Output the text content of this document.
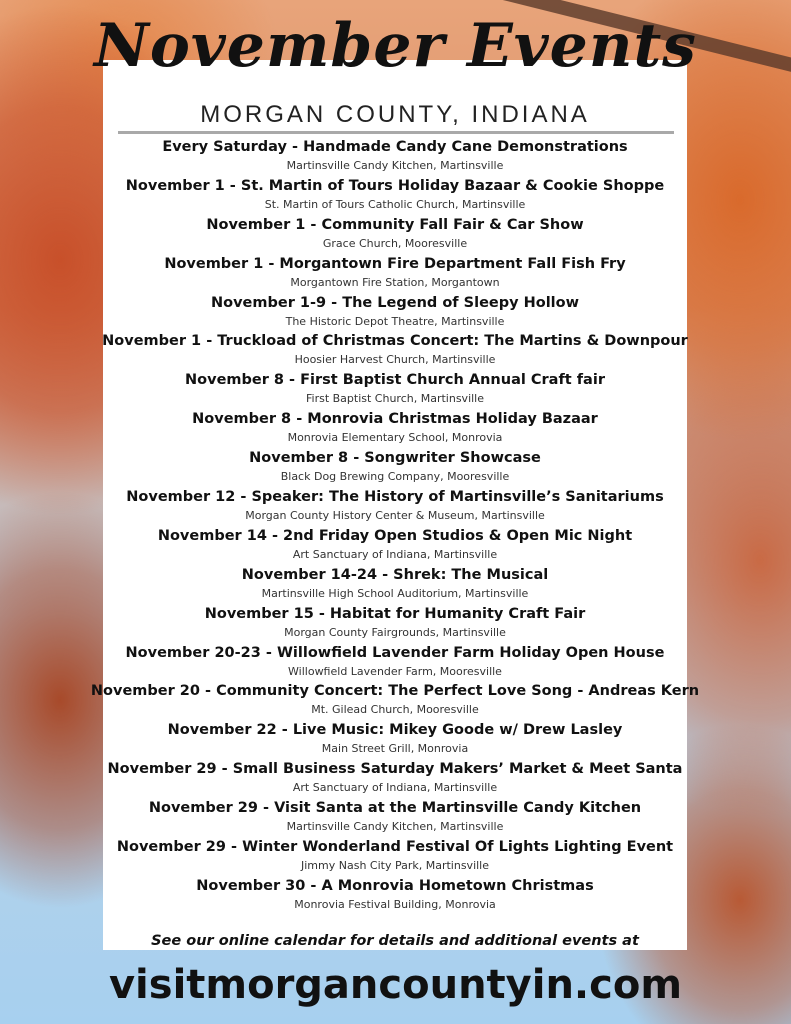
November Events
MORGAN COUNTY, INDIANA
Every Saturday - Handmade Candy Cane Demonstrations
Martinsville Candy Kitchen, Martinsville
November 1 - St. Martin of Tours Holiday Bazaar & Cookie Shoppe
St. Martin of Tours Catholic Church, Martinsville
November 1 - Community Fall Fair & Car Show
Grace Church, Mooresville
November 1 - Morgantown Fire Department Fall Fish Fry
Morgantown Fire Station, Morgantown
November 1-9 - The Legend of Sleepy Hollow
The Historic Depot Theatre, Martinsville
November 1 - Truckload of Christmas Concert: The Martins & Downpour
Hoosier Harvest Church, Martinsville
November 8 - First Baptist Church Annual Craft fair
First Baptist Church, Martinsville
November 8 - Monrovia Christmas Holiday Bazaar
Monrovia Elementary School, Monrovia
November 8 - Songwriter Showcase
Black Dog Brewing Company, Mooresville
November 12 - Speaker: The History of Martinsville’s Sanitariums
Morgan County History Center & Museum, Martinsville
November 14 - 2nd Friday Open Studios & Open Mic Night
Art Sanctuary of Indiana, Martinsville
November 14-24 - Shrek: The Musical
Martinsville High School Auditorium, Martinsville
November 15 - Habitat for Humanity Craft Fair
Morgan County Fairgrounds, Martinsville
November 20-23 - Willowfield Lavender Farm Holiday Open House
Willowfield Lavender Farm, Mooresville
November 20 - Community Concert: The Perfect Love Song - Andreas Kern
Mt. Gilead Church, Mooresville
November 22 - Live Music: Mikey Goode w/ Drew Lasley
Main Street Grill, Monrovia
November 29 - Small Business Saturday Makers’ Market & Meet Santa
Art Sanctuary of Indiana, Martinsville
November 29 - Visit Santa at the Martinsville Candy Kitchen
Martinsville Candy Kitchen, Martinsville
November 29 - Winter Wonderland Festival Of Lights Lighting Event
Jimmy Nash City Park, Martinsville
November 30 - A Monrovia Hometown Christmas
Monrovia Festival Building, Monrovia
See our online calendar for details and additional events at
visitmorgancountyin.com
